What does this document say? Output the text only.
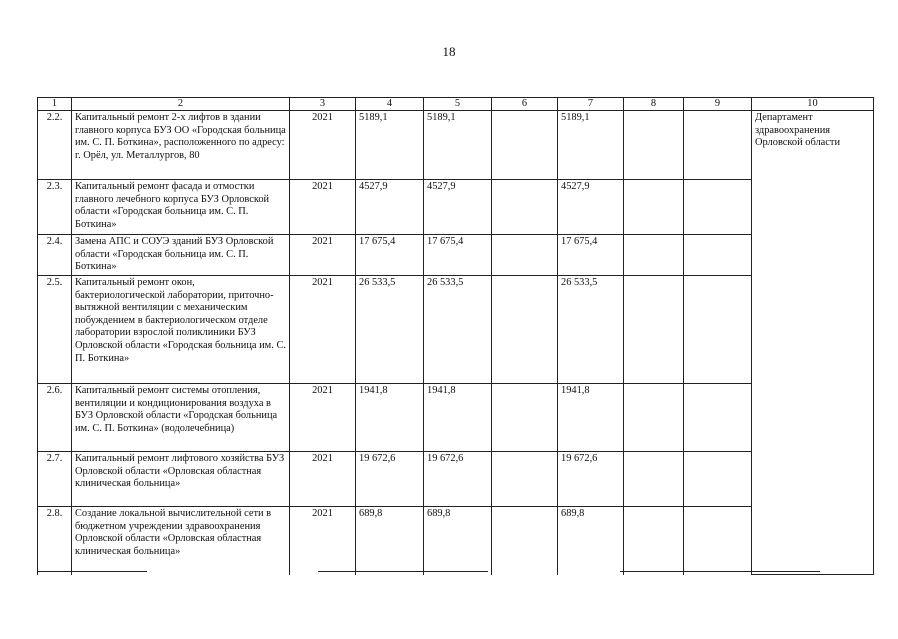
18
1	2	3	4	5	6	7	8	9	10
2.2.	Капитальный ремонт 2-х лифтов в здании главного корпуса БУЗ ОО «Городская больница им. С. П. Боткина», расположенного по адресу: г. Орёл, ул. Металлургов, 80	2021	5189,1	5189,1		5189,1			Департамент здравоохранения Орловской области
2.3.	Капитальный ремонт фасада и отмостки главного лечебного корпуса БУЗ Орловской области «Городская больница им. С. П. Боткина»	2021	4527,9	4527,9		4527,9			
2.4.	Замена АПС и СОУЭ зданий БУЗ Орловской области «Городская больница им. С. П. Боткина»	2021	17 675,4	17 675,4		17 675,4			
2.5.	Капитальный ремонт окон, бактериологической лаборатории, приточно-вытяжной вентиляции с механическим побуждением в бактериологическом отделе лаборатории взрослой поликлиники БУЗ Орловской области «Городская больница им. С. П. Боткина»	2021	26 533,5	26 533,5		26 533,5			
2.6.	Капитальный ремонт системы отопления, вентиляции и кондиционирования воздуха в БУЗ Орловской области «Городская больница им. С. П. Боткина» (водолечебница)	2021	1941,8	1941,8		1941,8			
2.7.	Капитальный ремонт лифтового хозяйства БУЗ Орловской области «Орловская областная клиническая больница»	2021	19 672,6	19 672,6		19 672,6			
2.8.	Создание локальной вычислительной сети в бюджетном учреждении здравоохранения Орловской области «Орловская областная клиническая больница»	2021	689,8	689,8		689,8			
